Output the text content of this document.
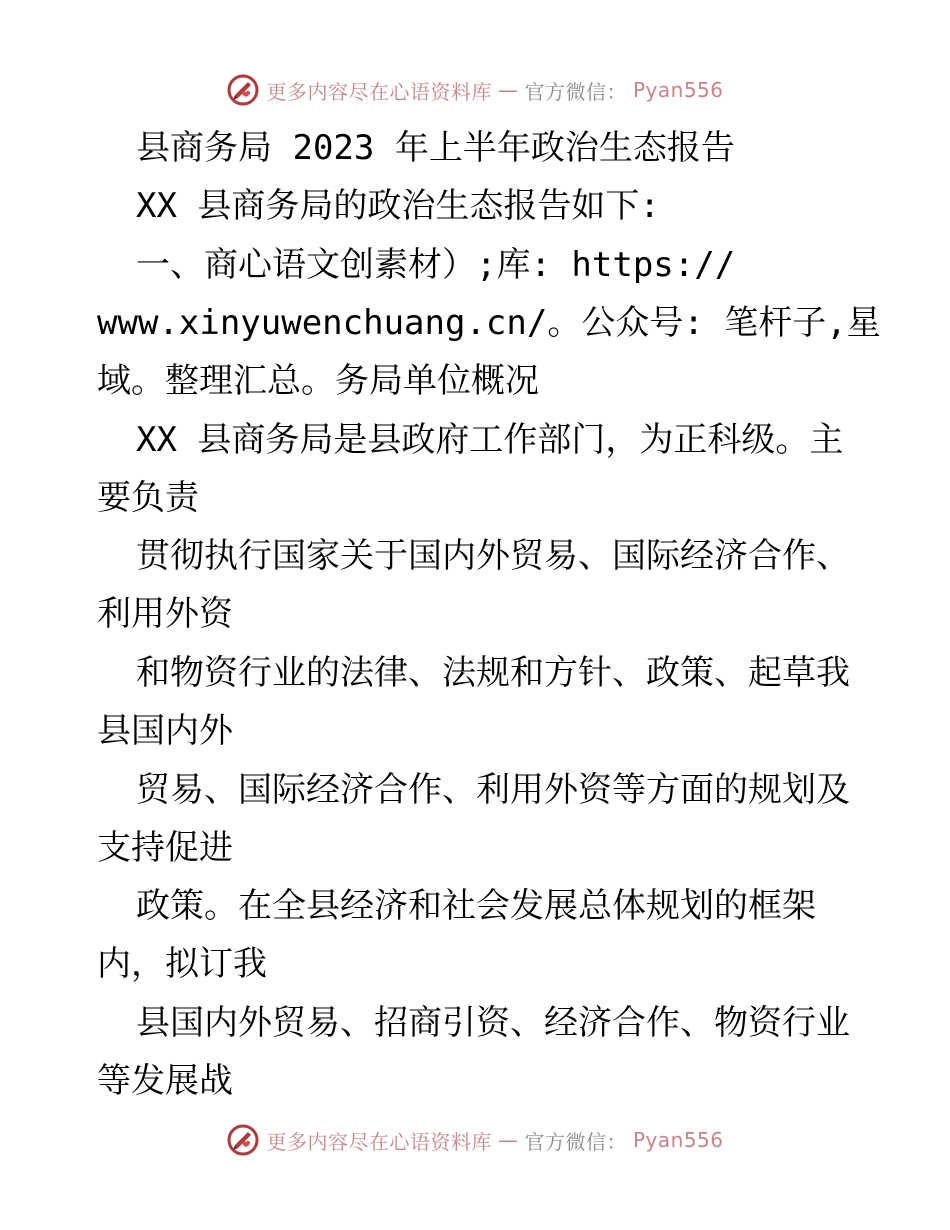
更多内容尽在心语资料库 — 官方微信： Pyan556
县商务局 2023 年上半年政治生态报告
XX 县商务局的政治生态报告如下:
一、商心语文创素材）;库: https://
www.xinyuwenchuang.cn/。公众号: 笔杆子,星
域。整理汇总。务局单位概况
XX 县商务局是县政府工作部门，为正科级。主
要负责
贯彻执行国家关于国内外贸易、国际经济合作、
利用外资
和物资行业的法律、法规和方针、政策、起草我
县国内外
贸易、国际经济合作、利用外资等方面的规划及
支持促进
政策。在全县经济和社会发展总体规划的框架
内，拟订我
县国内外贸易、招商引资、经济合作、物资行业
等发展战
更多内容尽在心语资料库 — 官方微信： Pyan556
